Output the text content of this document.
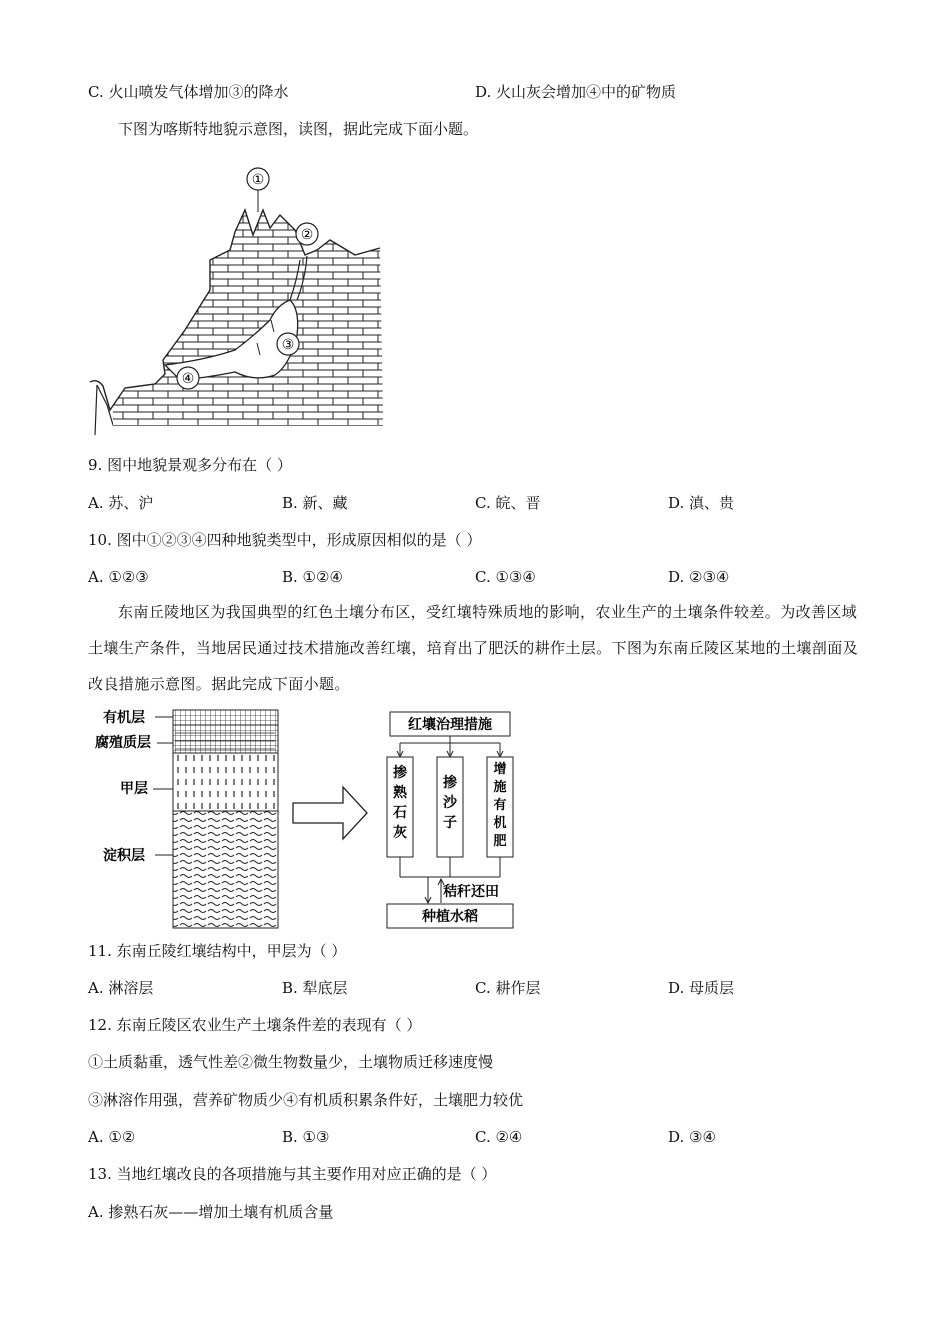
C. 火山喷发气体增加③的降水	D. 火山灰会增加④中的矿物质
下图为喀斯特地貌示意图，读图，据此完成下面小题。
①
②
③
④
9. 图中地貌景观多分布在（ ）
A. 苏、沪	B. 新、藏	C. 皖、晋	D. 滇、贵
10. 图中①②③④四种地貌类型中，形成原因相似的是（ ）
A. ①②③	B. ①②④	C. ①③④	D. ②③④
东南丘陵地区为我国典型的红色土壤分布区，受红壤特殊质地的影响，农业生产的土壤条件较差。为改善区域土壤生产条件，当地居民通过技术措施改善红壤，培育出了肥沃的耕作土层。下图为东南丘陵区某地的土壤剖面及改良措施示意图。据此完成下面小题。
有机层
腐殖质层
甲层
淀积层
红壤治理措施
掺熟石灰
掺沙子
增施有机肥
秸秆还田
种植水稻
11. 东南丘陵红壤结构中，甲层为（ ）
A. 淋溶层	B. 犁底层	C. 耕作层	D. 母质层
12. 东南丘陵区农业生产土壤条件差的表现有（ ）
①土质黏重，透气性差②微生物数量少，土壤物质迁移速度慢
③淋溶作用强，营养矿物质少④有机质积累条件好，土壤肥力较优
A. ①②	B. ①③	C. ②④	D. ③④
13. 当地红壤改良的各项措施与其主要作用对应正确的是（ ）
A. 掺熟石灰——增加土壤有机质含量
